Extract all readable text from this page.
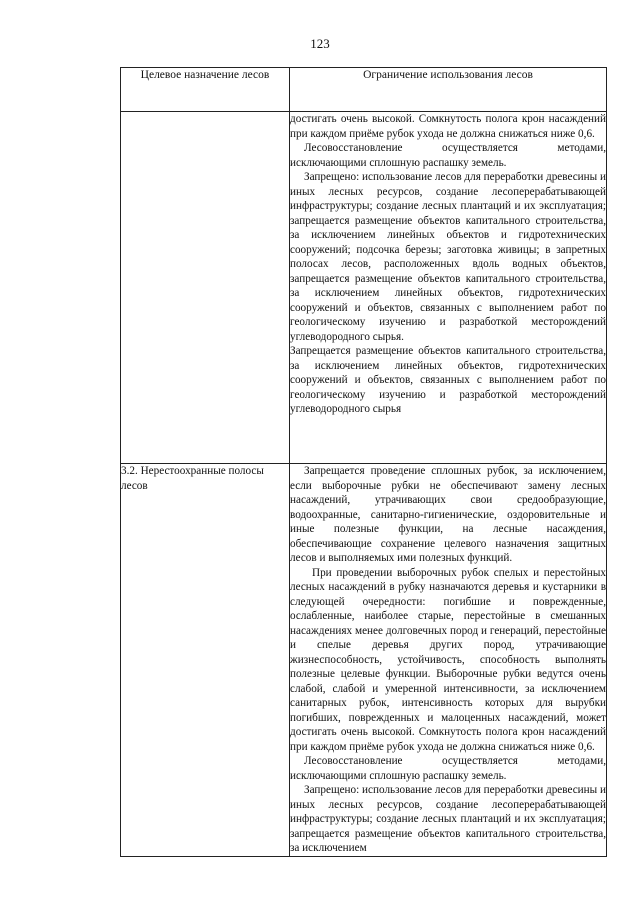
123
Целевое назначение лесов	Ограничение использования лесов

	достигать очень высокой. Сомкнутость полога крон насаждений при каждом приёме рубок ухода не должна снижаться ниже 0,6.

Лесовосстановление осуществляется методами, исключающими сплошную распашку земель.

Запрещено: использование лесов для переработки древесины и иных лесных ресурсов, создание лесоперерабатывающей инфраструктуры; создание лесных плантаций и их эксплуатация; запрещается размещение объектов капитального строительства, за исключением линейных объектов и гидротехнических сооружений; подсочка березы; заготовка живицы; в запретных полосах лесов, расположенных вдоль водных объектов, запрещается размещение объектов капитального строительства, за исключением линейных объектов, гидротехнических сооружений и объектов, связанных с выполнением работ по геологическому изучению и разработкой месторождений углеводородного сырья.

Запрещается размещение объектов капитального строительства, за исключением линейных объектов, гидротехнических сооружений и объектов, связанных с выполнением работ по геологическому изучению и разработкой месторождений углеводородного сырья

3.2. Нерестоохранные полосы лесов	Запрещается проведение сплошных рубок, за исключением, если выборочные рубки не обеспечивают замену лесных насаждений, утрачивающих свои средообразующие, водоохранные, санитарно-гигиенические, оздоровительные и иные полезные функции, на лесные насаждения, обеспечивающие сохранение целевого назначения защитных лесов и выполняемых ими полезных функций.

При проведении выборочных рубок спелых и перестойных лесных насаждений в рубку назначаются деревья и кустарники в следующей очередности: погибшие и поврежденные, ослабленные, наиболее старые, перестойные в смешанных насаждениях менее долговечных пород и генераций, перестойные и спелые деревья других пород, утрачивающие жизнеспособность, устойчивость, способность выполнять полезные целевые функции. Выборочные рубки ведутся очень слабой, слабой и умеренной интенсивности, за исключением санитарных рубок, интенсивность которых для вырубки погибших, поврежденных и малоценных насаждений, может достигать очень высокой. Сомкнутость полога крон насаждений при каждом приёме рубок ухода не должна снижаться ниже 0,6.

Лесовосстановление осуществляется методами, исключающими сплошную распашку земель.

Запрещено: использование лесов для переработки древесины и иных лесных ресурсов, создание лесоперерабатывающей инфраструктуры; создание лесных плантаций и их эксплуатация; запрещается размещение объектов капитального строительства, за исключением
